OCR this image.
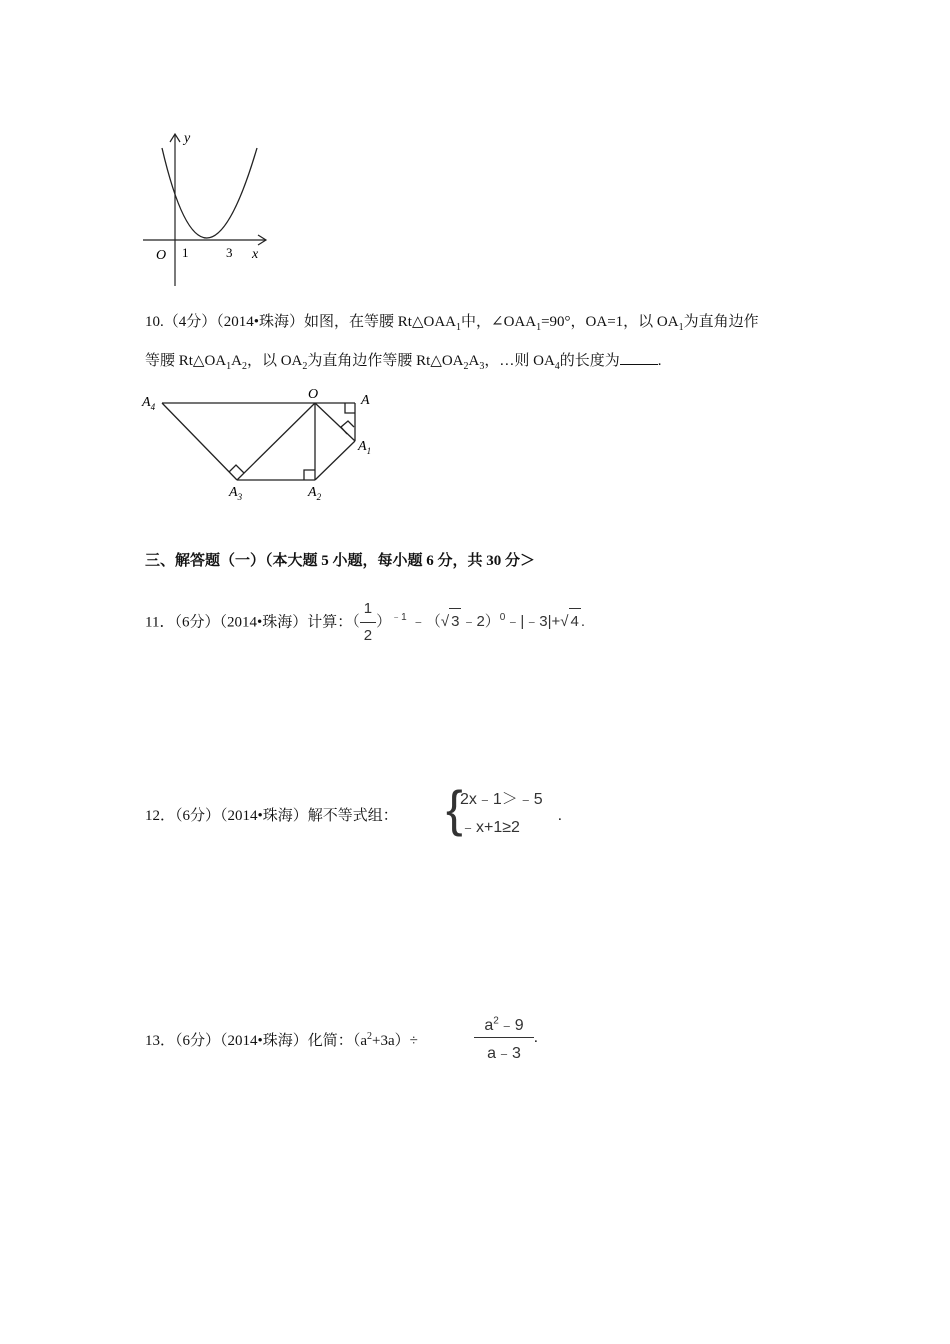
y
x
O 1	3
10.（4分）（2014•珠海）如图，在等腰 $Rt\triangle OAA_1$中，$\angle OAA_1=90^\circ$，OA=1，以 $OA_1$为直角边作
等腰 $Rt\triangle OA_1A_2$，以 $OA_2$为直角边作等腰 $Rt\triangle OA_2A_3$，…则 $OA_4$的长度为	.
O	A
$A_1$
$A_2$
$A_3$
$A_4$
三、解答题（一）（本大题 5 小题，每小题 6 分，共 30 分＞
11．（6分）（2014•珠海）计算：（ $\frac{1}{2} )^{﹣1}$ ﹣（√ 3 ﹣2）$^0$﹣|﹣3|+√ 4 .
12．（6分）（2014•珠海）解不等式组： {
2x﹣1＞﹣5
﹣x+1≥2
.
13．（6分）（2014•珠海）化简：$(a^2+3a)\div$	$\frac{a^2﹣9}{a﹣3}$ .
